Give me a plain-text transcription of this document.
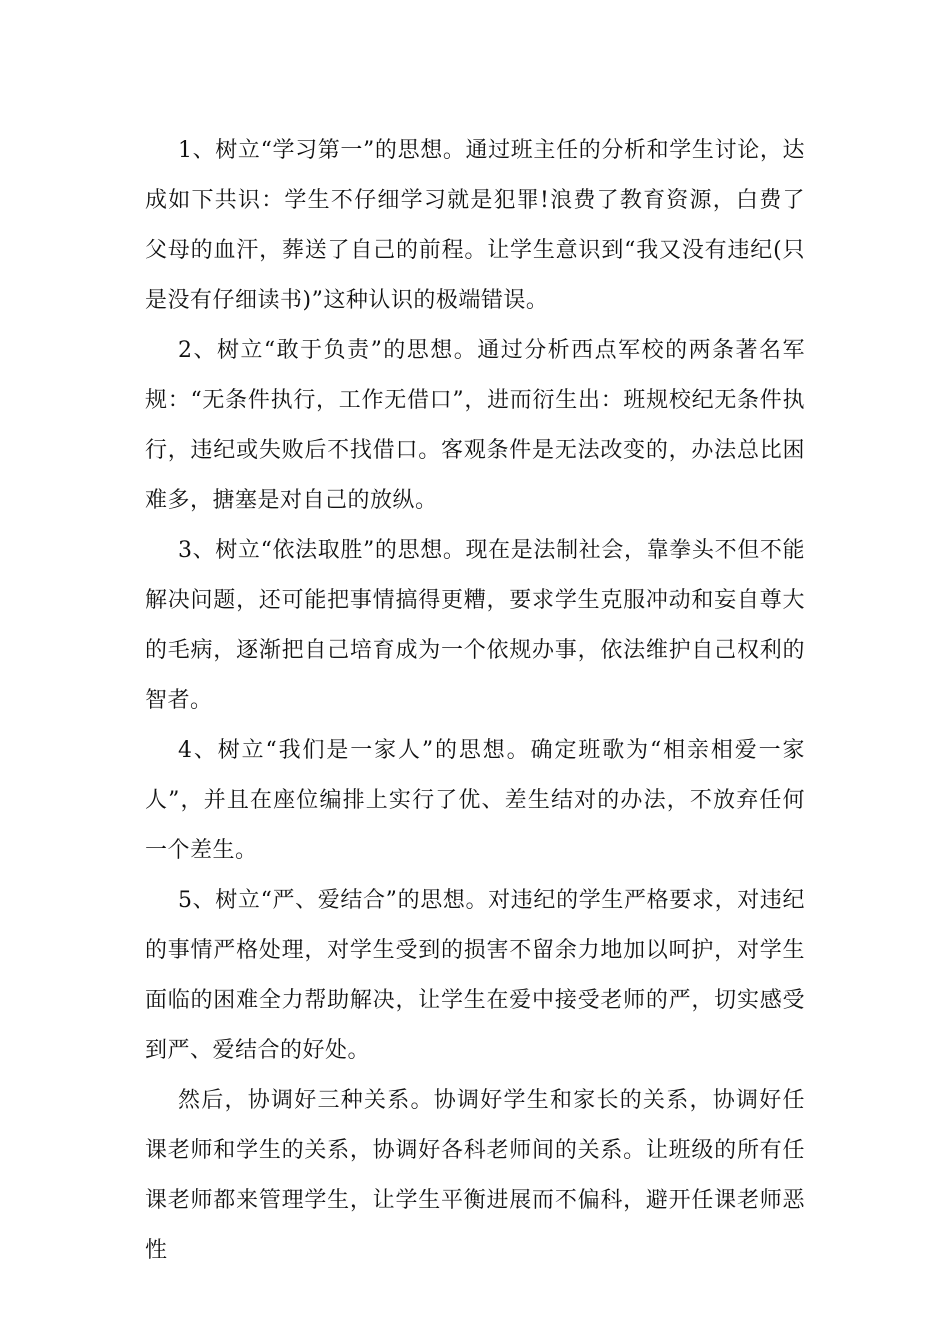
1、树立“学习第一”的思想。通过班主任的分析和学生讨论，达成如下共识：学生不仔细学习就是犯罪!浪费了教育资源，白费了父母的血汗，葬送了自己的前程。让学生意识到“我又没有违纪(只是没有仔细读书)”这种认识的极端错误。

2、树立“敢于负责”的思想。通过分析西点军校的两条著名军规：“无条件执行，工作无借口”，进而衍生出：班规校纪无条件执行，违纪或失败后不找借口。客观条件是无法改变的，办法总比困难多，搪塞是对自己的放纵。

3、树立“依法取胜”的思想。现在是法制社会，靠拳头不但不能解决问题，还可能把事情搞得更糟，要求学生克服冲动和妄自尊大的毛病，逐渐把自己培育成为一个依规办事，依法维护自己权利的智者。

4、树立“我们是一家人”的思想。确定班歌为“相亲相爱一家人”，并且在座位编排上实行了优、差生结对的办法，不放弃任何一个差生。

5、树立“严、爱结合”的思想。对违纪的学生严格要求，对违纪的事情严格处理，对学生受到的损害不留余力地加以呵护，对学生面临的困难全力帮助解决，让学生在爱中接受老师的严，切实感受到严、爱结合的好处。

然后，协调好三种关系。协调好学生和家长的关系，协调好任课老师和学生的关系，协调好各科老师间的关系。让班级的所有任课老师都来管理学生，让学生平衡进展而不偏科，避开任课老师恶性
